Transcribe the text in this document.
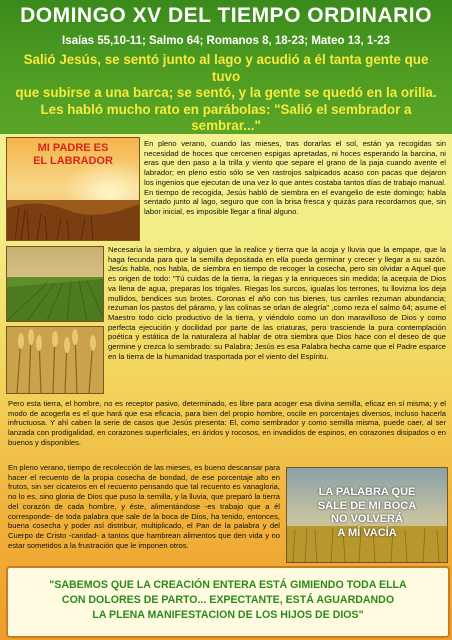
DOMINGO XV DEL TIEMPO ORDINARIO
Isaías 55,10-11; Salmo 64; Romanos 8, 18-23; Mateo 13, 1-23
Salió Jesús, se sentó junto al lago y acudió a él tanta gente que tuvo
que subirse a una barca; se sentó, y la gente se quedó en la orilla.
Les habló mucho rato en parábolas: "Salió el sembrador a sembrar..."
MI PADRE ES
EL LABRADOR

En pleno verano, cuando las mieses, tras dorarlas el sol, están ya recogidas sin necesidad de hoces que cercenen espigas apretadas, ni hoces esperando la barcina, ni eras que den paso a la trilla y viento que separe el grano de la paja cuando avente el labrador; en pleno estío sólo se ven rastrojos salpicados acaso con pacas que dejaron los ingenios que ejecutan de una vez lo que antes costaba tantos días de trabajo manual. En tiempo de recogida, Jesús habló de siembra en el evangelio de este domingo; habla sentado junto al lago, seguro que con la brisa fresca y quizás para recordarnos que, sin labor inicial, es imposible llegar a final alguno.

Necesaria la siembra, y alguien que la realice y tierra que la acoja y lluvia que la empape, que la haga fecunda para que la semilla depositada en ella pueda germinar y crecer y llegar a su sazón. Jesús habla, nos habla, de siembra en tiempo de recoger la cosecha, pero sin olvidar a Aquel que es origen de todo: "Tú cuidas de la tierra, la riegas y la enriqueces sin medida; la acequia de Dios va llena de agua, preparas los trigales. Riegas los surcos, igualas los terrones, tu llovizna los deja mullidos, bendices sus brotes. Coronas el año con tus bienes, tus carriles rezuman abundancia; rezuman los pastos del páramo, y las colinas se orlan de alegría" ,como reza el salmo 64; asume el Maestro todo ciclo productivo de la tierra, y viéndolo como un don maravilloso de Dios y como perfecta ejecución y docilidad por parte de las criaturas, pero trasciende la pura contemplación poética y estática de la naturaleza al hablar de otra siembra que Dios hace con el deseo de que germine y crezca lo sembrado: su Palabra; Jesús es esa Palabra hecha carne que el Padre esparce en la tierra de la humanidad trasportada por el viento del Espíritu.

Pero esta tierra, el hombre, no es receptor pasivo, determinado, es libre para acoger esa divina semilla, eficaz en sí misma; y el modo de acogerla es el que hará que esa eficacia, para bien del propio hombre, oscile en porcentajes diversos, incluso hacerla infructuosa. Y ahí caben la serie de casos que Jesús presenta: El, como sembrador y como semilla misma, puede caer, al ser lanzada con prodigalidad, en corazones superficiales, en áridos y rocosos, en invadidos de espinos, en corazones disipados o en buenos y disponibles.

En pleno verano, tiempo de recolección de las mieses, es bueno descansar para hacer el recuento de la propia cosecha de bondad, de ese porcentaje alto en frutos, sin ser cicateros en el recuento pensando que tal recuento es vanagloria, no lo es, sino gloria de Dios que puso la semilla, y la lluvia, que preparó la tierra del corazón de cada hombre, y éste, alimentándose -es trabajo que a él corresponde- de toda palabra que sale de la boca de Dios, ha tenido, entonces, buena cosecha y poder así distribuir, multiplicado, el Pan de la palabra y del Cuerpo de Cristo -caridad- a tantos que hambrean alimentos que den vida y no estar sometidos a la frustración que le imponen otros.

LA PALABRA QUE
SALE DE MI BOCA
NO VOLVERÁ
A MÍ VACÍA
"SABEMOS QUE LA CREACIÓN ENTERA ESTÁ GIMIENDO TODA ELLA
CON DOLORES DE PARTO... EXPECTANTE, ESTÁ AGUARDANDO
LA PLENA MANIFESTACION DE LOS HIJOS DE DIOS"
